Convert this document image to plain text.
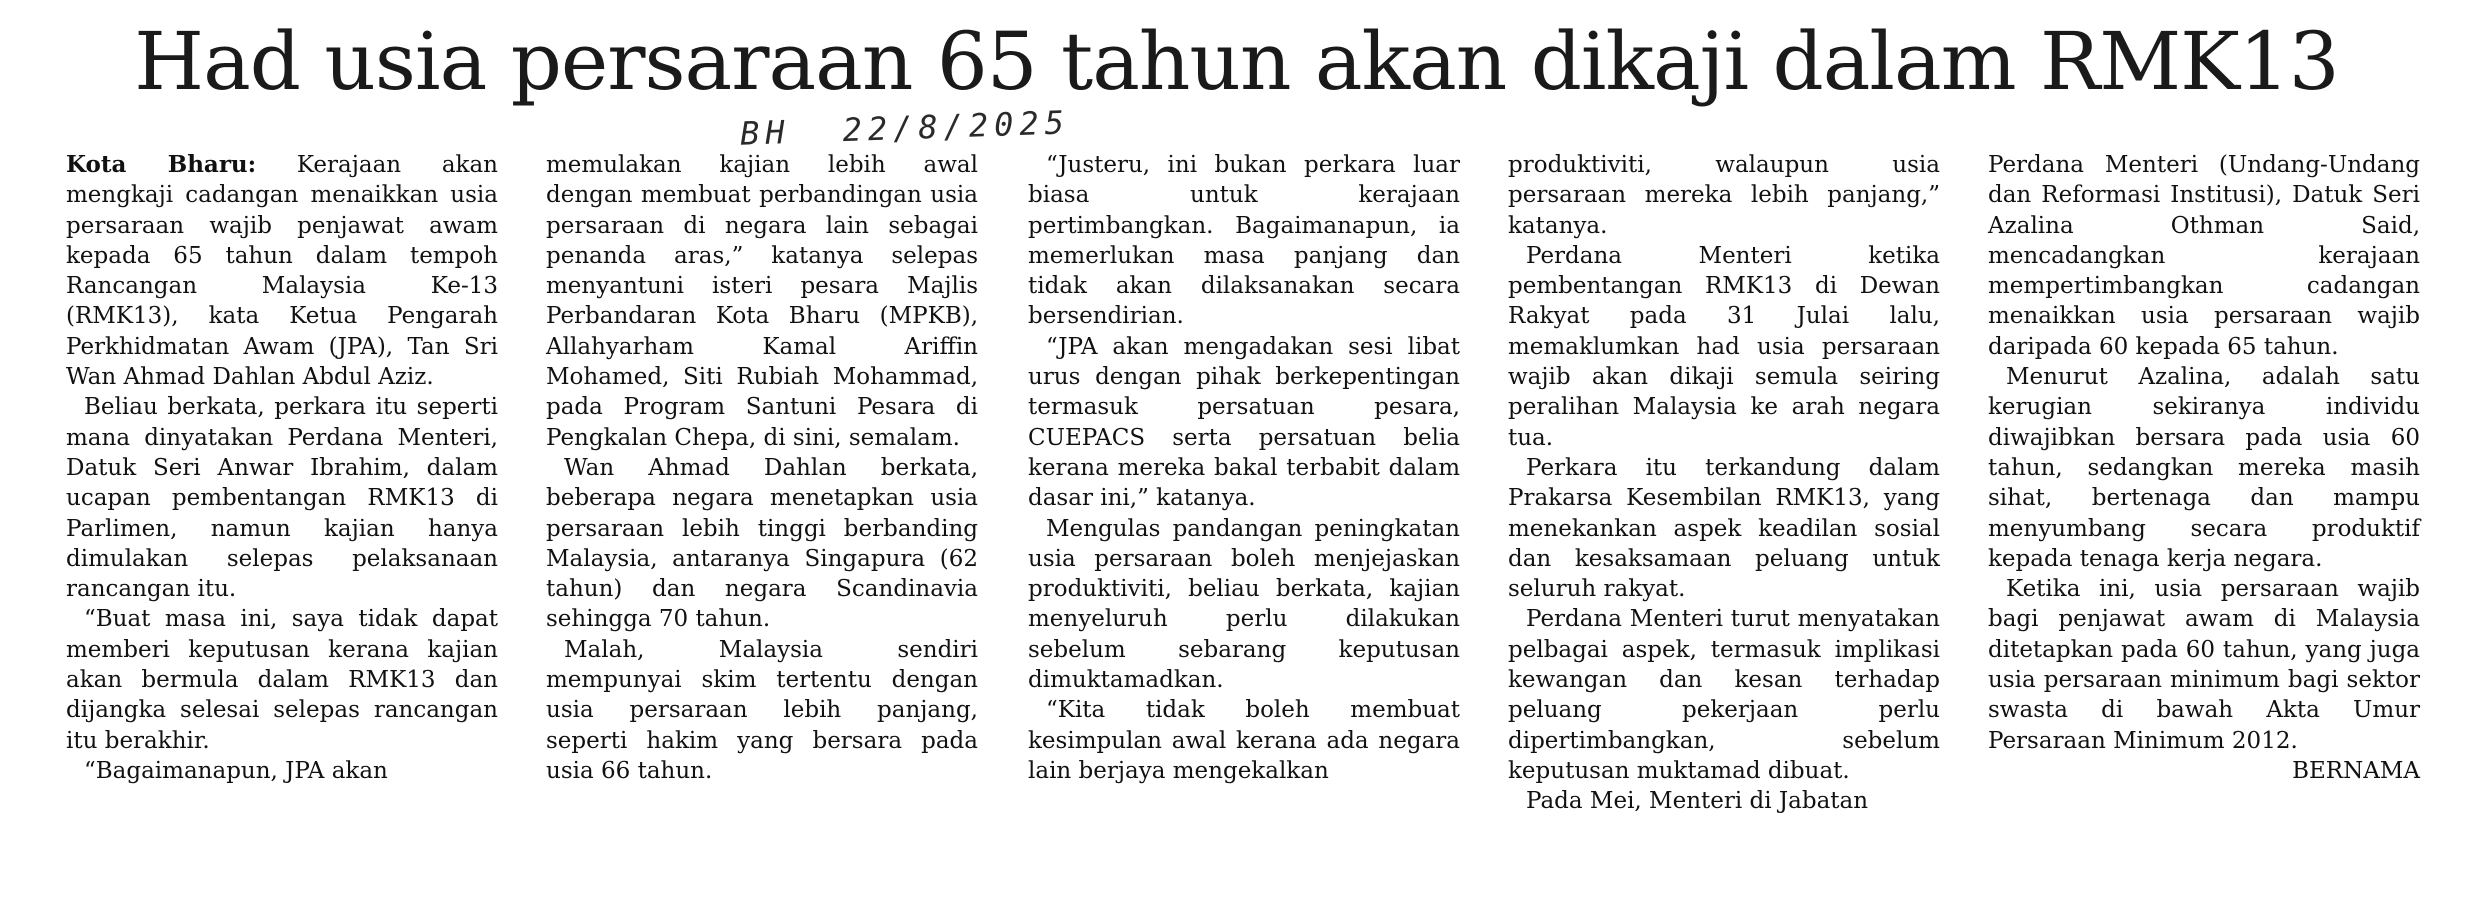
Had usia persaraan 65 tahun akan dikaji dalam RMK13
BH 22/8/2025

Kota Bharu: Kerajaan akan mengkaji cadangan menaikkan usia persaraan wajib penjawat awam kepada 65 tahun dalam tempoh Rancangan Malaysia Ke-13 (RMK13), kata Ketua Pengarah Perkhidmatan Awam (JPA), Tan Sri Wan Ahmad Dahlan Abdul Aziz.

Beliau berkata, perkara itu seperti mana dinyatakan Perdana Menteri, Datuk Seri Anwar Ibrahim, dalam ucapan pembentangan RMK13 di Parlimen, namun kajian hanya dimulakan selepas pelaksanaan rancangan itu.

“Buat masa ini, saya tidak dapat memberi keputusan kerana kajian akan bermula dalam RMK13 dan dijangka selesai selepas rancangan itu berakhir.

“Bagaimanapun, JPA akan

memulakan kajian lebih awal dengan membuat perbandingan usia persaraan di negara lain sebagai penanda aras,” katanya selepas menyantuni isteri pesara Majlis Perbandaran Kota Bharu (MPKB), Allahyarham Kamal Ariffin Mohamed, Siti Rubiah Mohammad, pada Program Santuni Pesara di Pengkalan Chepa, di sini, semalam.

Wan Ahmad Dahlan berkata, beberapa negara menetapkan usia persaraan lebih tinggi berbanding Malaysia, antaranya Singapura (62 tahun) dan negara Scandinavia sehingga 70 tahun.

Malah, Malaysia sendiri mempunyai skim tertentu dengan usia persaraan lebih panjang, seperti hakim yang bersara pada usia 66 tahun.

“Justeru, ini bukan perkara luar biasa untuk kerajaan pertimbangkan. Bagaimanapun, ia memerlukan masa panjang dan tidak akan dilaksanakan secara bersendirian.

“JPA akan mengadakan sesi libat urus dengan pihak berkepentingan termasuk persatuan pesara, CUEPACS serta persatuan belia kerana mereka bakal terbabit dalam dasar ini,” katanya.

Mengulas pandangan peningkatan usia persaraan boleh menjejaskan produktiviti, beliau berkata, kajian menyeluruh perlu dilakukan sebelum sebarang keputusan dimuktamadkan.

“Kita tidak boleh membuat kesimpulan awal kerana ada negara lain berjaya mengekalkan

produktiviti, walaupun usia persaraan mereka lebih panjang,” katanya.

Perdana Menteri ketika pembentangan RMK13 di Dewan Rakyat pada 31 Julai lalu, memaklumkan had usia persaraan wajib akan dikaji semula seiring peralihan Malaysia ke arah negara tua.

Perkara itu terkandung dalam Prakarsa Kesembilan RMK13, yang menekankan aspek keadilan sosial dan kesaksamaan peluang untuk seluruh rakyat.

Perdana Menteri turut menyatakan pelbagai aspek, termasuk implikasi kewangan dan kesan terhadap peluang pekerjaan perlu dipertimbangkan, sebelum keputusan muktamad dibuat.

Pada Mei, Menteri di Jabatan

Perdana Menteri (Undang-Undang dan Reformasi Institusi), Datuk Seri Azalina Othman Said, mencadangkan kerajaan mempertimbangkan cadangan menaikkan usia persaraan wajib daripada 60 kepada 65 tahun.

Menurut Azalina, adalah satu kerugian sekiranya individu diwajibkan bersara pada usia 60 tahun, sedangkan mereka masih sihat, bertenaga dan mampu menyumbang secara produktif kepada tenaga kerja negara.

Ketika ini, usia persaraan wajib bagi penjawat awam di Malaysia ditetapkan pada 60 tahun, yang juga usia persaraan minimum bagi sektor swasta di bawah Akta Umur Persaraan Minimum 2012.
BERNAMA
